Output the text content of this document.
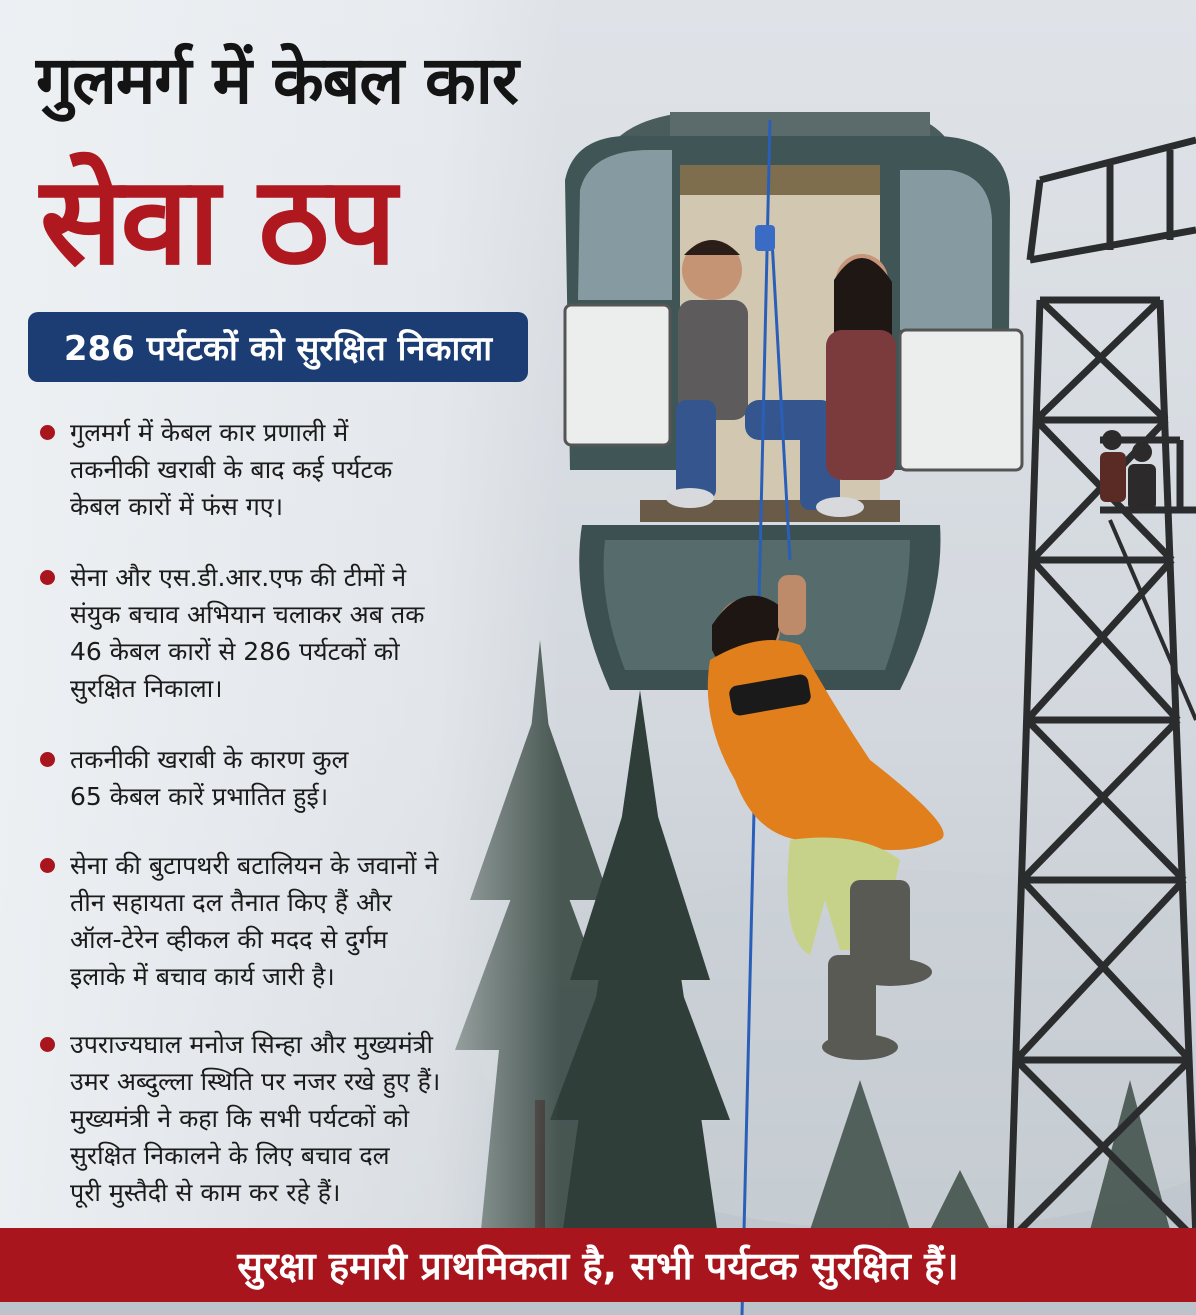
गुलमर्ग में केबल कार
सेवा ठप
286 पर्यटकों को सुरक्षित निकाला
गुलमर्ग में केबल कार प्रणाली में
तकनीकी खराबी के बाद कई पर्यटक
केबल कारों में फंस गए।
सेना और एस.डी.आर.एफ की टीमों ने
संयुक बचाव अभियान चलाकर अब तक
46 केबल कारों से 286 पर्यटकों को
सुरक्षित निकाला।
तकनीकी खराबी के कारण कुल
65 केबल कारें प्रभातित हुई।
सेना की बुटापथरी बटालियन के जवानों ने
तीन सहायता दल तैनात किए हैं और
ऑल-टेरेन व्हीकल की मदद से दुर्गम
इलाके में बचाव कार्य जारी है।
उपराज्यघाल मनोज सिन्हा और मुख्यमंत्री
उमर अब्दुल्ला स्थिति पर नजर रखे हुए हैं।
मुख्यमंत्री ने कहा कि सभी पर्यटकों को
सुरक्षित निकालने के लिए बचाव दल
पूरी मुस्तैदी से काम कर रहे हैं।
सुरक्षा हमारी प्राथमिकता है, सभी पर्यटक सुरक्षित हैं।
